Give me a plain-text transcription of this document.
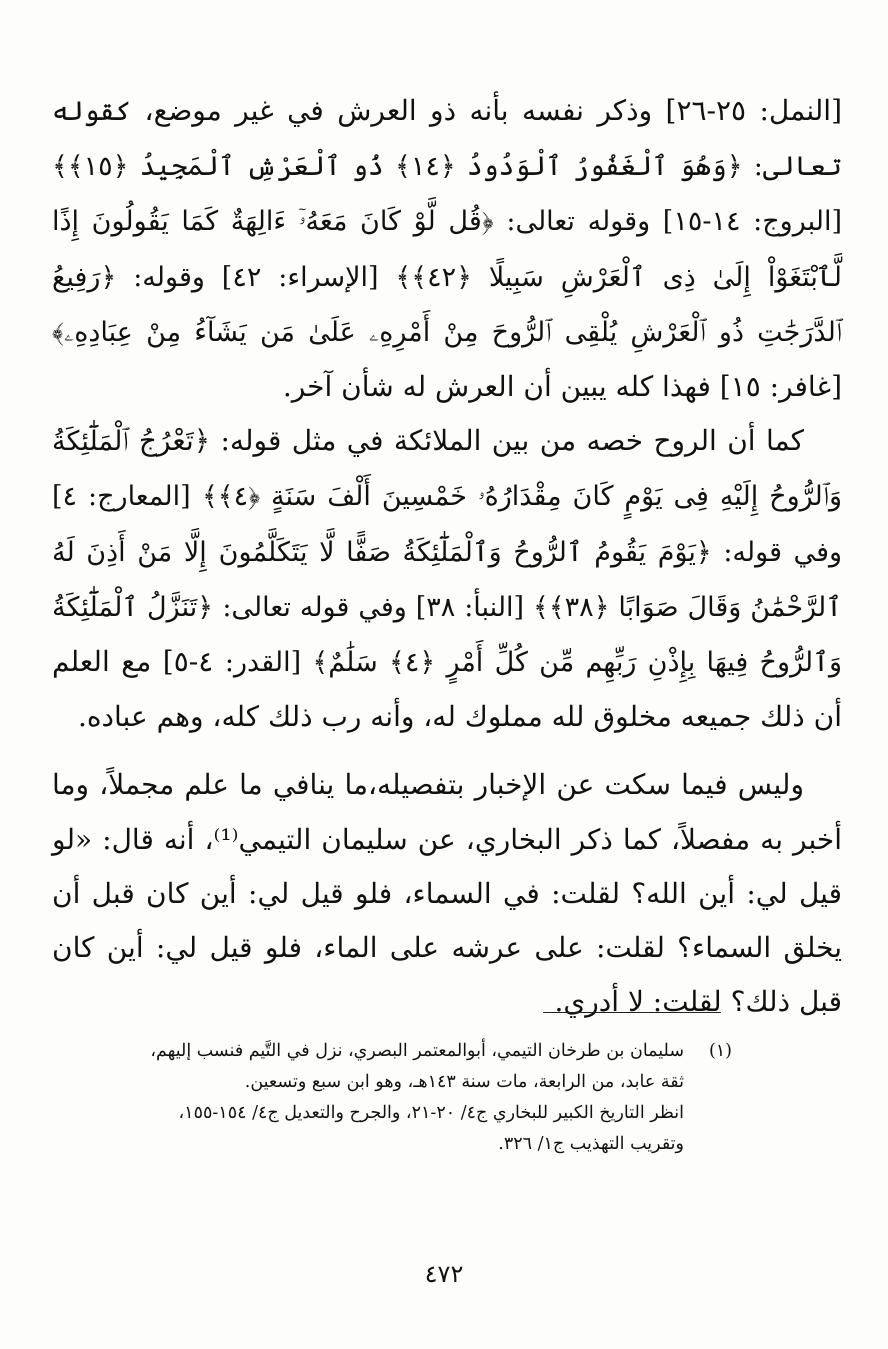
[النمل: ٢٥-٢٦] وذكر نفسه بأنه ذو العرش في غير موضع، كقوله تعالى: ﴿وَهُوَ ٱلْغَفُورُ ٱلْوَدُودُ ﴿١٤﴾ ذُو ٱلْعَرْشِ ٱلْمَجِيدُ ﴿١٥﴾﴾ [البروج: ١٤-١٥] وقوله تعالى: ﴿قُل لَّوْ كَانَ مَعَهُۥٓ ءَالِهَةٌ كَمَا يَقُولُونَ إِذًا لَّٱبْتَغَوْاْ إِلَىٰ ذِى ٱلْعَرْشِ سَبِيلًا ﴿٤٢﴾﴾ [الإسراء: ٤٢] وقوله: ﴿رَفِيعُ ٱلدَّرَجَٰتِ ذُو ٱلْعَرْشِ يُلْقِى ٱلرُّوحَ مِنْ أَمْرِهِۦ عَلَىٰ مَن يَشَآءُ مِنْ عِبَادِهِۦ﴾ [غافر: ١٥] فهذا كله يبين أن العرش له شأن آخر.

كما أن الروح خصه من بين الملائكة في مثل قوله: ﴿تَعْرُجُ ٱلْمَلَٰٓئِكَةُ وَٱلرُّوحُ إِلَيْهِ فِى يَوْمٍ كَانَ مِقْدَارُهُۥ خَمْسِينَ أَلْفَ سَنَةٍ ﴿٤﴾﴾ [المعارج: ٤] وفي قوله: ﴿يَوْمَ يَقُومُ ٱلرُّوحُ وَٱلْمَلَٰٓئِكَةُ صَفًّا لَّا يَتَكَلَّمُونَ إِلَّا مَنْ أَذِنَ لَهُ ٱلرَّحْمَٰنُ وَقَالَ صَوَابًا ﴿٣٨﴾﴾ [النبأ: ٣٨] وفي قوله تعالى: ﴿تَنَزَّلُ ٱلْمَلَٰٓئِكَةُ وَٱلرُّوحُ فِيهَا بِإِذْنِ رَبِّهِم مِّن كُلِّ أَمْرٍ ﴿٤﴾ سَلَٰمٌ﴾ [القدر: ٤-٥] مع العلم أن ذلك جميعه مخلوق لله مملوك له، وأنه رب ذلك كله، وهم عباده.

وليس فيما سكت عن الإخبار بتفصيله،ما ينافي ما علم مجملاً، وما أخبر به مفصلاً، كما ذكر البخاري، عن سليمان التيمي⁽¹⁾، أنه قال: «لو قيل لي: أين الله؟ لقلت: في السماء، فلو قيل لي: أين كان قبل أن يخلق السماء؟ لقلت: على عرشه على الماء، فلو قيل لي: أين كان قبل ذلك؟ لقلت: لا أدري.

(١)سليمان بن طرخان التيمي، أبوالمعتمر البصري، نزل في التَّيم فنسب إليهم،

ثقة عابد، من الرابعة، مات سنة ١٤٣هـ، وهو ابن سبع وتسعين.

انظر التاريخ الكبير للبخاري ج٤/ ٢٠-٢١، والجرح والتعديل ج٤/ ١٥٤-١٥٥،

وتقريب التهذيب ج١/ ٣٢٦.

٤٧٢
